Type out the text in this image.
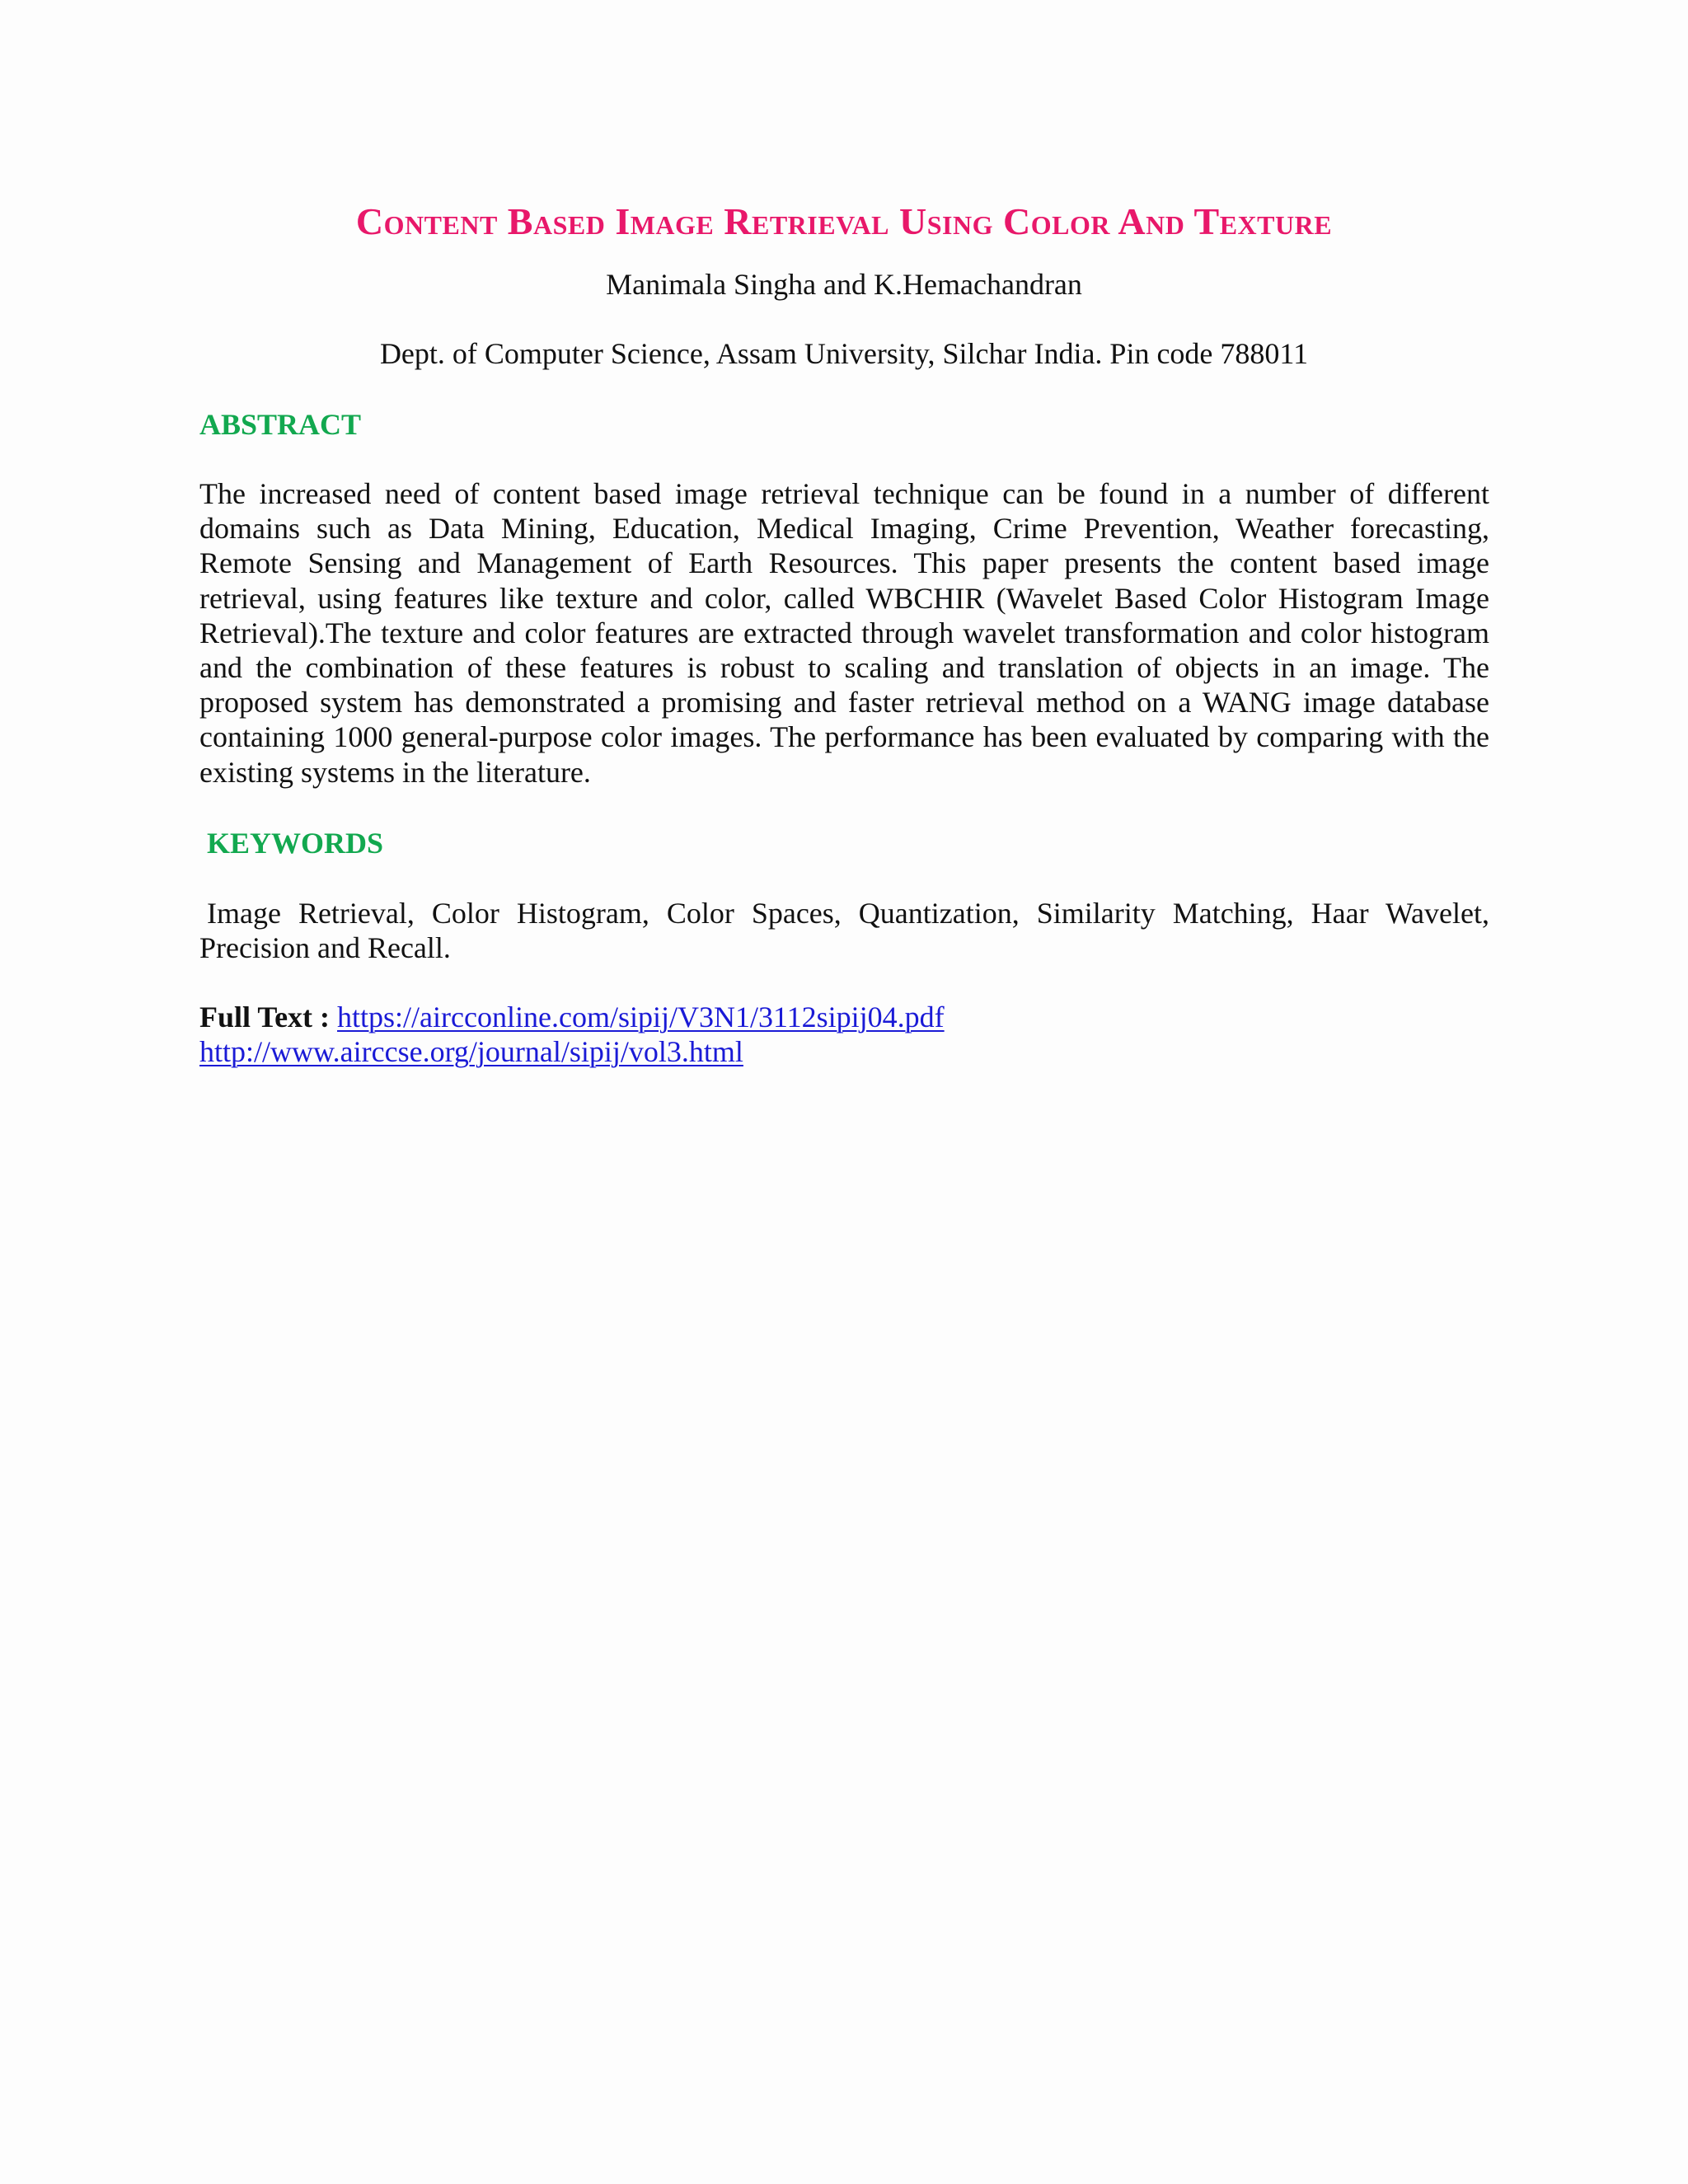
Content Based Image Retrieval Using Color And Texture
Manimala Singha and K.Hemachandran
Dept. of Computer Science, Assam University, Silchar India. Pin code 788011
ABSTRACT
The increased need of content based image retrieval technique can be found in a number of different domains such as Data Mining, Education, Medical Imaging, Crime Prevention, Weather forecasting, Remote Sensing and Management of Earth Resources. This paper presents the content based image retrieval, using features like texture and color, called WBCHIR (Wavelet Based Color Histogram Image Retrieval).The texture and color features are extracted through wavelet transformation and color histogram and the combination of these features is robust to scaling and translation of objects in an image. The proposed system has demonstrated a promising and faster retrieval method on a WANG image database containing 1000 general-purpose color images. The performance has been evaluated by comparing with the existing systems in the literature.
KEYWORDS
Image Retrieval, Color Histogram, Color Spaces, Quantization, Similarity Matching, Haar Wavelet, Precision and Recall.
Full Text : https://aircconline.com/sipij/V3N1/3112sipij04.pdf
http://www.airccse.org/journal/sipij/vol3.html
